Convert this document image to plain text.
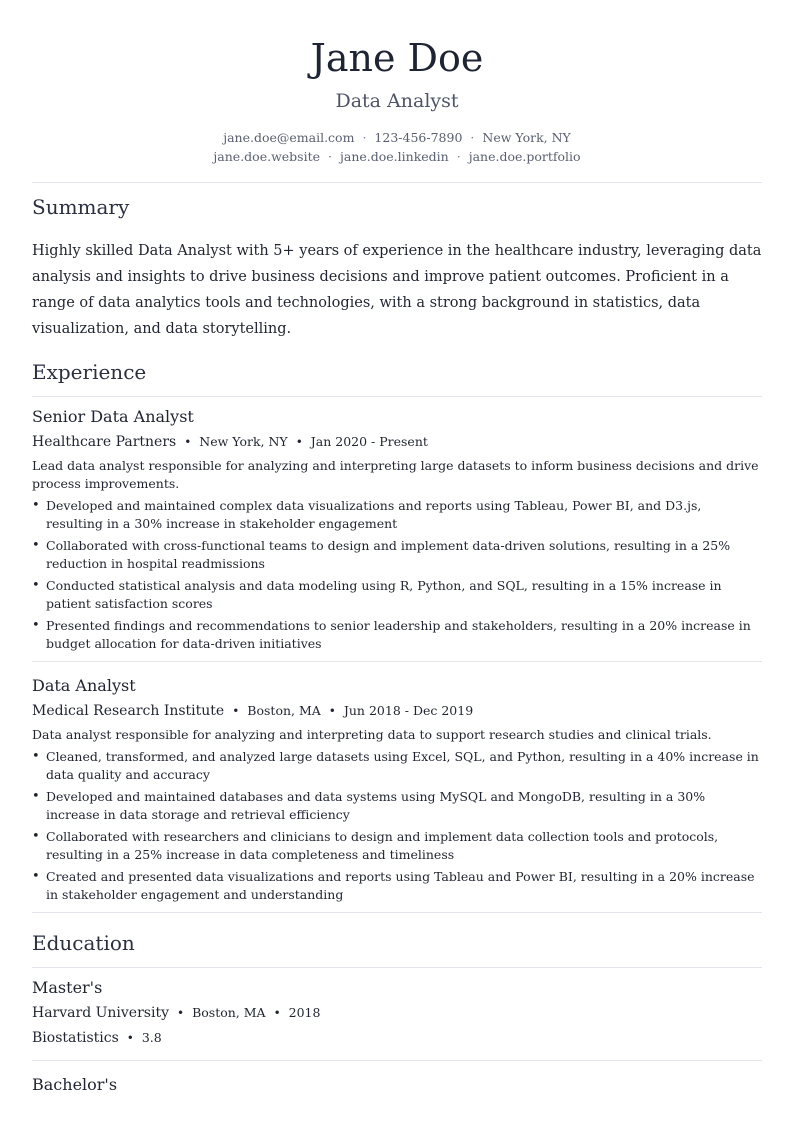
Jane Doe
Data Analyst
jane.doe@email.com · 123-456-7890 · New York, NY
jane.doe.website · jane.doe.linkedin · jane.doe.portfolio
Summary

Highly skilled Data Analyst with 5+ years of experience in the healthcare industry, leveraging data analysis and insights to drive business decisions and improve patient outcomes. Proficient in a range of data analytics tools and technologies, with a strong background in statistics, data visualization, and data storytelling.

Experience
Senior Data Analyst
Healthcare Partners • New York, NY • Jan 2020 - Present

Lead data analyst responsible for analyzing and interpreting large datasets to inform business decisions and drive process improvements.

• Developed and maintained complex data visualizations and reports using Tableau, Power BI, and D3.js, resulting in a 30% increase in stakeholder engagement
• Collaborated with cross-functional teams to design and implement data-driven solutions, resulting in a 25% reduction in hospital readmissions
• Conducted statistical analysis and data modeling using R, Python, and SQL, resulting in a 15% increase in patient satisfaction scores
• Presented findings and recommendations to senior leadership and stakeholders, resulting in a 20% increase in budget allocation for data-driven initiatives
Data Analyst
Medical Research Institute • Boston, MA • Jun 2018 - Dec 2019

Data analyst responsible for analyzing and interpreting data to support research studies and clinical trials.

• Cleaned, transformed, and analyzed large datasets using Excel, SQL, and Python, resulting in a 40% increase in data quality and accuracy
• Developed and maintained databases and data systems using MySQL and MongoDB, resulting in a 30% increase in data storage and retrieval efficiency
• Collaborated with researchers and clinicians to design and implement data collection tools and protocols, resulting in a 25% increase in data completeness and timeliness
• Created and presented data visualizations and reports using Tableau and Power BI, resulting in a 20% increase in stakeholder engagement and understanding
Education
Master's
Harvard University • Boston, MA • 2018
Biostatistics • 3.8
Bachelor's
